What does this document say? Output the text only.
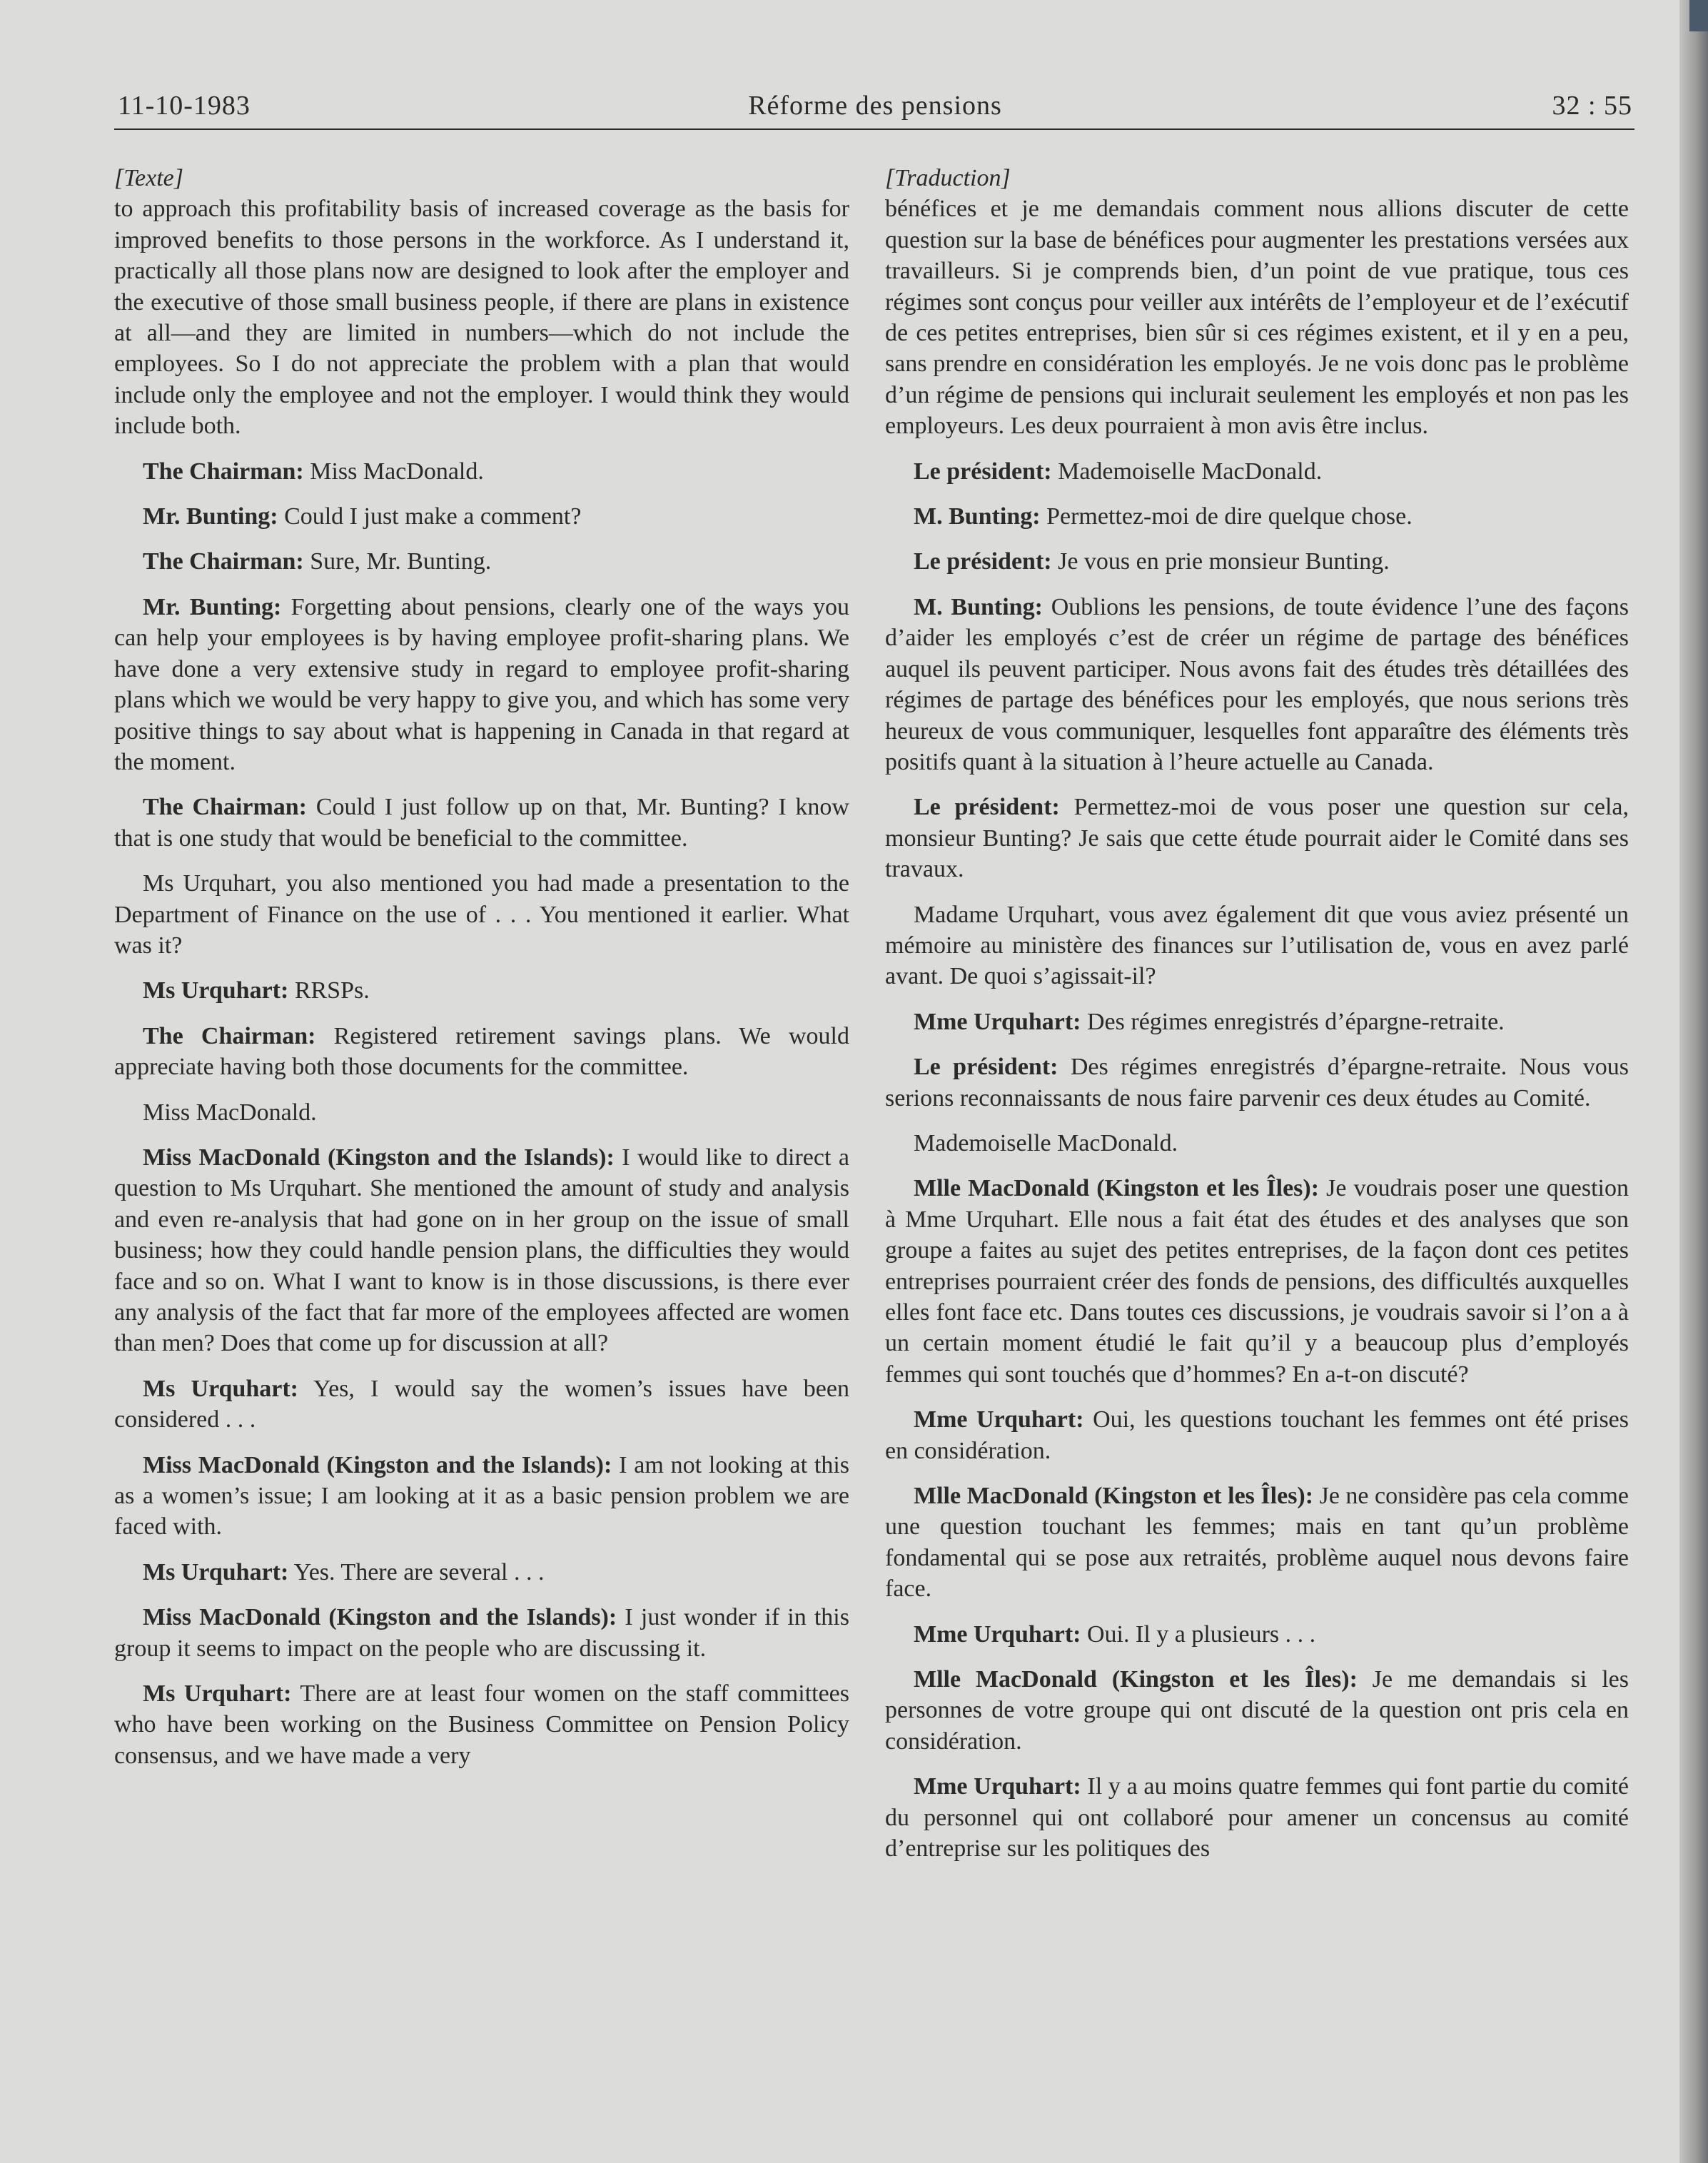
11-10-1983	Réforme des pensions	32 : 55

[Texte]

to approach this profitability basis of increased coverage as the basis for improved benefits to those persons in the workforce. As I understand it, practically all those plans now are designed to look after the employer and the executive of those small business people, if there are plans in existence at all—and they are limited in numbers—which do not include the employees. So I do not appreciate the problem with a plan that would include only the employee and not the employer. I would think they would include both.

The Chairman: Miss MacDonald.

Mr. Bunting: Could I just make a comment?

The Chairman: Sure, Mr. Bunting.

Mr. Bunting: Forgetting about pensions, clearly one of the ways you can help your employees is by having employee profit-sharing plans. We have done a very extensive study in regard to employee profit-sharing plans which we would be very happy to give you, and which has some very positive things to say about what is happening in Canada in that regard at the moment.

The Chairman: Could I just follow up on that, Mr. Bunting? I know that is one study that would be beneficial to the committee.

Ms Urquhart, you also mentioned you had made a presentation to the Department of Finance on the use of . . . You mentioned it earlier. What was it?

Ms Urquhart: RRSPs.

The Chairman: Registered retirement savings plans. We would appreciate having both those documents for the committee.

Miss MacDonald.

Miss MacDonald (Kingston and the Islands): I would like to direct a question to Ms Urquhart. She mentioned the amount of study and analysis and even re-analysis that had gone on in her group on the issue of small business; how they could handle pension plans, the difficulties they would face and so on. What I want to know is in those discussions, is there ever any analysis of the fact that far more of the employees affected are women than men? Does that come up for discussion at all?

Ms Urquhart: Yes, I would say the women’s issues have been considered . . .

Miss MacDonald (Kingston and the Islands): I am not looking at this as a women’s issue; I am looking at it as a basic pension problem we are faced with.

Ms Urquhart: Yes. There are several . . .

Miss MacDonald (Kingston and the Islands): I just wonder if in this group it seems to impact on the people who are discussing it.

Ms Urquhart: There are at least four women on the staff committees who have been working on the Business Committee on Pension Policy consensus, and we have made a very

[Traduction]

bénéfices et je me demandais comment nous allions discuter de cette question sur la base de bénéfices pour augmenter les prestations versées aux travailleurs. Si je comprends bien, d’un point de vue pratique, tous ces régimes sont conçus pour veiller aux intérêts de l’employeur et de l’exécutif de ces petites entreprises, bien sûr si ces régimes existent, et il y en a peu, sans prendre en considération les employés. Je ne vois donc pas le problème d’un régime de pensions qui inclurait seulement les employés et non pas les employeurs. Les deux pourraient à mon avis être inclus.

Le président: Mademoiselle MacDonald.

M. Bunting: Permettez-moi de dire quelque chose.

Le président: Je vous en prie monsieur Bunting.

M. Bunting: Oublions les pensions, de toute évidence l’une des façons d’aider les employés c’est de créer un régime de partage des bénéfices auquel ils peuvent participer. Nous avons fait des études très détaillées des régimes de partage des bénéfices pour les employés, que nous serions très heureux de vous communiquer, lesquelles font apparaître des éléments très positifs quant à la situation à l’heure actuelle au Canada.

Le président: Permettez-moi de vous poser une question sur cela, monsieur Bunting? Je sais que cette étude pourrait aider le Comité dans ses travaux.

Madame Urquhart, vous avez également dit que vous aviez présenté un mémoire au ministère des finances sur l’utilisation de, vous en avez parlé avant. De quoi s’agissait-il?

Mme Urquhart: Des régimes enregistrés d’épargne-retraite.

Le président: Des régimes enregistrés d’épargne-retraite. Nous vous serions reconnaissants de nous faire parvenir ces deux études au Comité.

Mademoiselle MacDonald.

Mlle MacDonald (Kingston et les Îles): Je voudrais poser une question à Mme Urquhart. Elle nous a fait état des études et des analyses que son groupe a faites au sujet des petites entreprises, de la façon dont ces petites entreprises pourraient créer des fonds de pensions, des difficultés auxquelles elles font face etc. Dans toutes ces discussions, je voudrais savoir si l’on a à un certain moment étudié le fait qu’il y a beaucoup plus d’employés femmes qui sont touchés que d’hommes? En a-t-on discuté?

Mme Urquhart: Oui, les questions touchant les femmes ont été prises en considération.

Mlle MacDonald (Kingston et les Îles): Je ne considère pas cela comme une question touchant les femmes; mais en tant qu’un problème fondamental qui se pose aux retraités, problème auquel nous devons faire face.

Mme Urquhart: Oui. Il y a plusieurs . . .

Mlle MacDonald (Kingston et les Îles): Je me demandais si les personnes de votre groupe qui ont discuté de la question ont pris cela en considération.

Mme Urquhart: Il y a au moins quatre femmes qui font partie du comité du personnel qui ont collaboré pour amener un concensus au comité d’entreprise sur les politiques des
